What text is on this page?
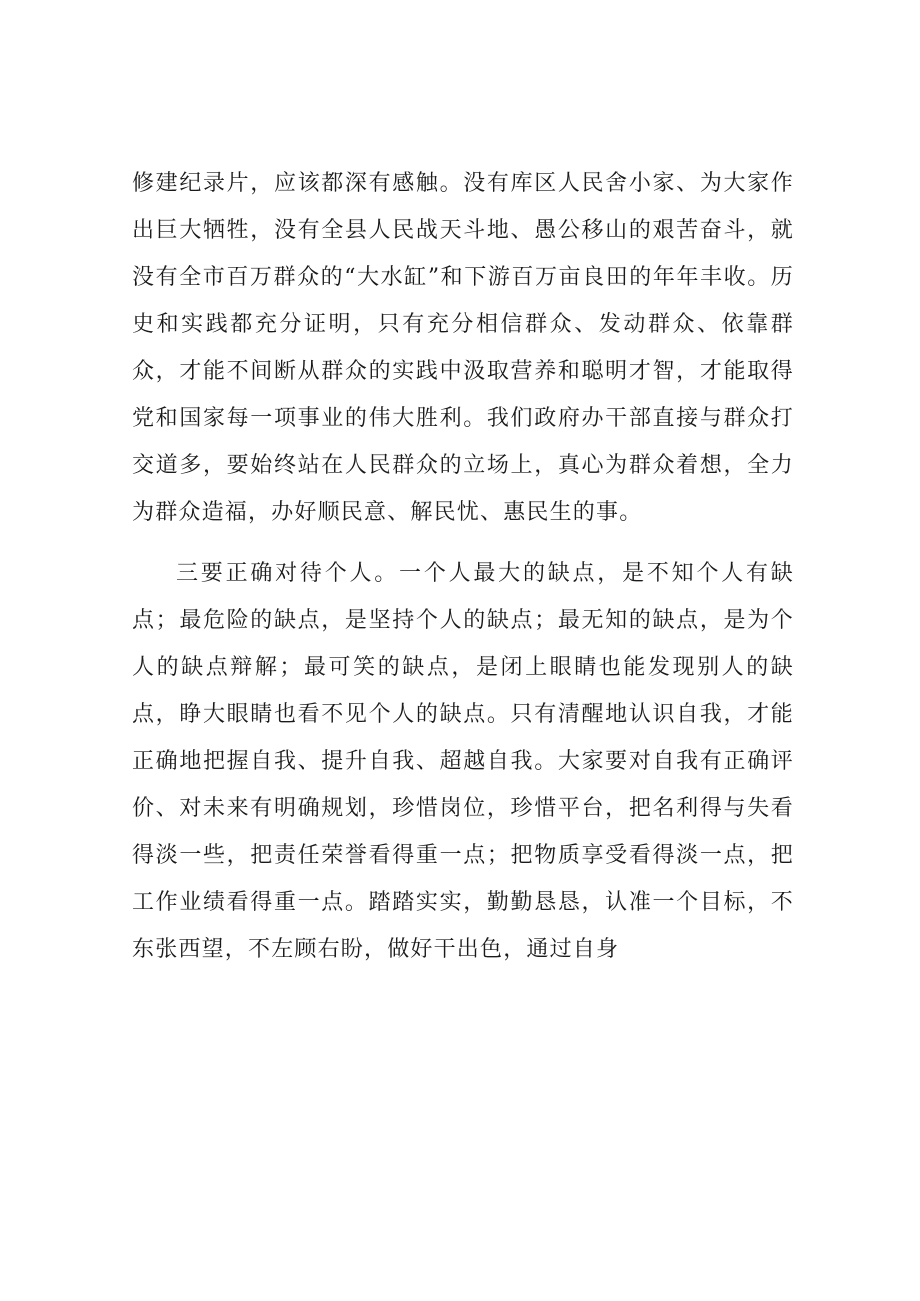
修建纪录片，应该都深有感触。没有库区人民舍小家、为大家作出巨大牺牲，没有全县人民战天斗地、愚公移山的艰苦奋斗，就没有全市百万群众的“大水缸”和下游百万亩良田的年年丰收。历史和实践都充分证明，只有充分相信群众、发动群众、依靠群众，才能不间断从群众的实践中汲取营养和聪明才智，才能取得党和国家每一项事业的伟大胜利。我们政府办干部直接与群众打交道多，要始终站在人民群众的立场上，真心为群众着想，全力为群众造福，办好顺民意、解民忧、惠民生的事。

三要正确对待个人。一个人最大的缺点，是不知个人有缺点；最危险的缺点，是坚持个人的缺点；最无知的缺点，是为个人的缺点辩解；最可笑的缺点，是闭上眼睛也能发现别人的缺点，睁大眼睛也看不见个人的缺点。只有清醒地认识自我，才能正确地把握自我、提升自我、超越自我。大家要对自我有正确评价、对未来有明确规划，珍惜岗位，珍惜平台，把名利得与失看得淡一些，把责任荣誉看得重一点；把物质享受看得淡一点，把工作业绩看得重一点。踏踏实实，勤勤恳恳，认准一个目标，不东张西望，不左顾右盼，做好干出色，通过自身
